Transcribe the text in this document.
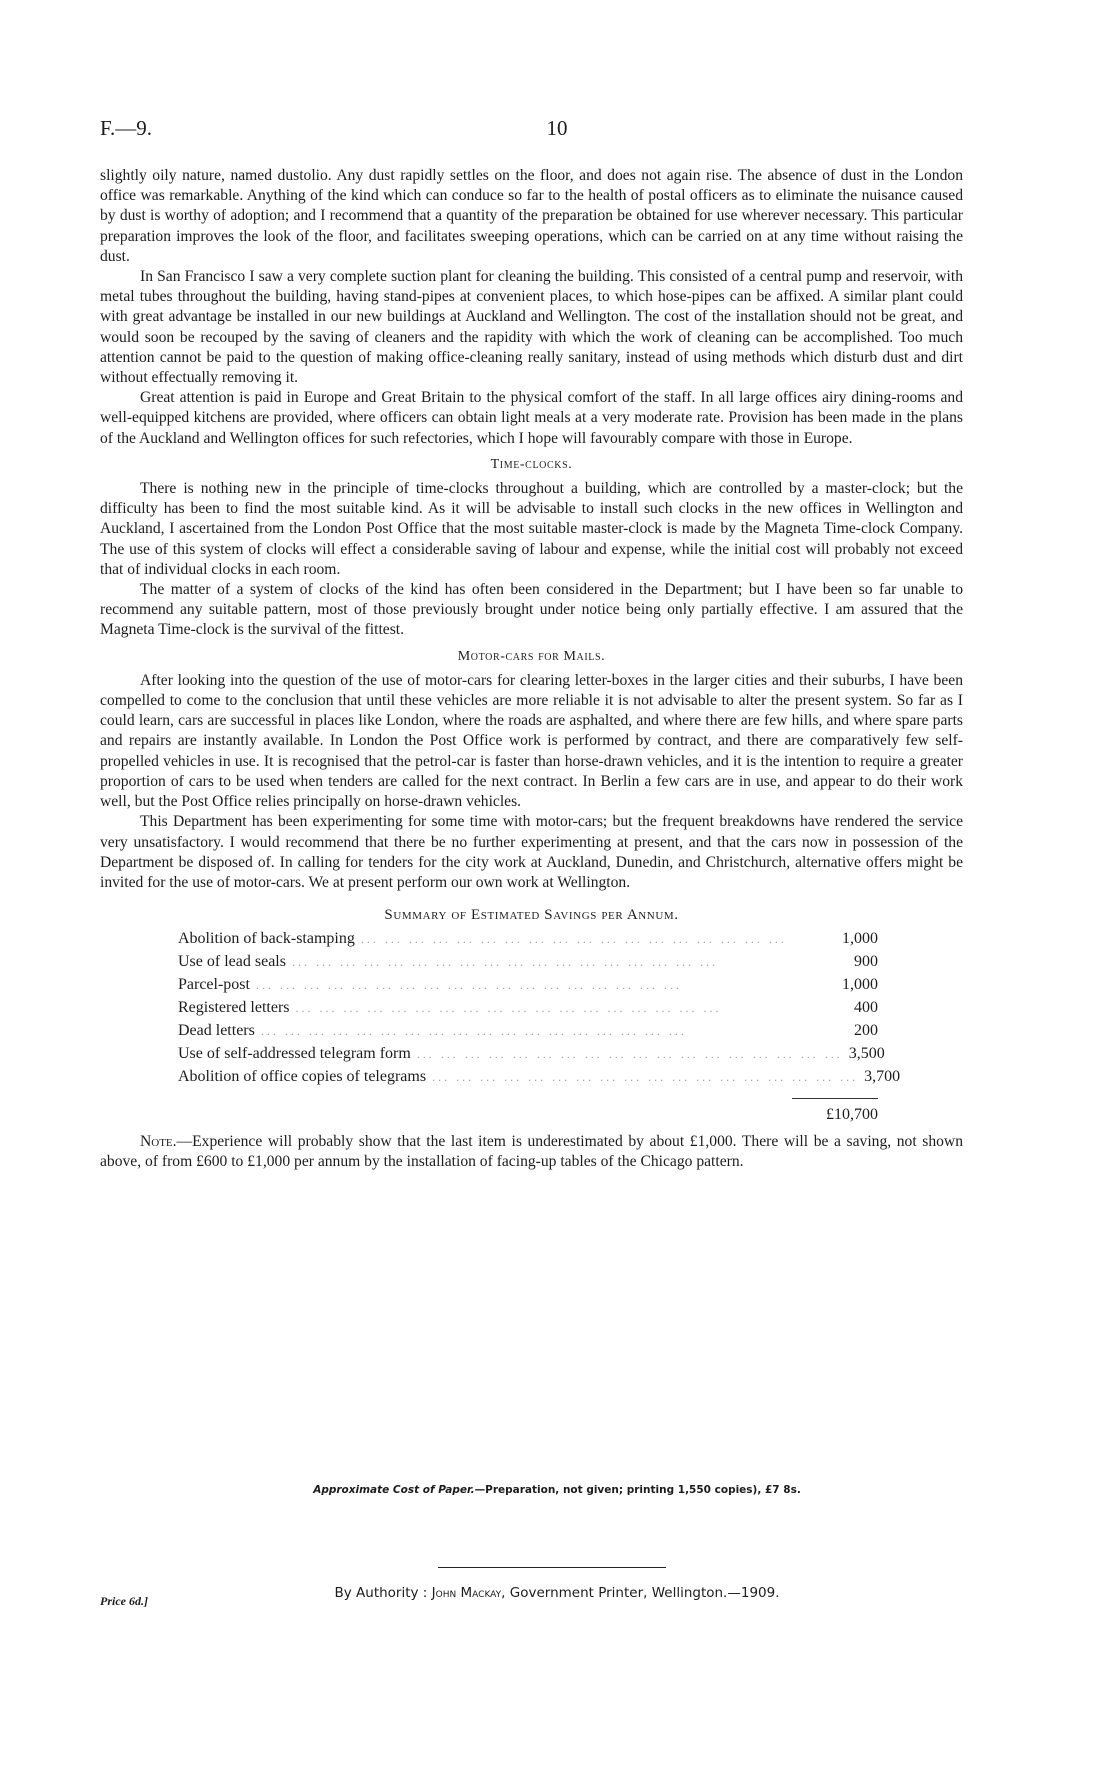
F.—9.	10

slightly oily nature, named dustolio. Any dust rapidly settles on the floor, and does not again rise. The absence of dust in the London office was remarkable. Anything of the kind which can conduce so far to the health of postal officers as to eliminate the nuisance caused by dust is worthy of adoption; and I recommend that a quantity of the preparation be obtained for use wherever necessary. This particular preparation improves the look of the floor, and facilitates sweeping operations, which can be carried on at any time without raising the dust.

In San Francisco I saw a very complete suction plant for cleaning the building. This consisted of a central pump and reservoir, with metal tubes throughout the building, having stand-pipes at convenient places, to which hose-pipes can be affixed. A similar plant could with great advantage be installed in our new buildings at Auckland and Wellington. The cost of the installation should not be great, and would soon be recouped by the saving of cleaners and the rapidity with which the work of cleaning can be accomplished. Too much attention cannot be paid to the question of making office-cleaning really sanitary, instead of using methods which disturb dust and dirt without effectually removing it.

Great attention is paid in Europe and Great Britain to the physical comfort of the staff. In all large offices airy dining-rooms and well-equipped kitchens are provided, where officers can obtain light meals at a very moderate rate. Provision has been made in the plans of the Auckland and Wellington offices for such refectories, which I hope will favourably compare with those in Europe.

Time-clocks.

There is nothing new in the principle of time-clocks throughout a building, which are controlled by a master-clock; but the difficulty has been to find the most suitable kind. As it will be advisable to install such clocks in the new offices in Wellington and Auckland, I ascertained from the London Post Office that the most suitable master-clock is made by the Magneta Time-clock Company. The use of this system of clocks will effect a considerable saving of labour and expense, while the initial cost will probably not exceed that of individual clocks in each room.

The matter of a system of clocks of the kind has often been considered in the Department; but I have been so far unable to recommend any suitable pattern, most of those previously brought under notice being only partially effective. I am assured that the Magneta Time-clock is the survival of the fittest.

Motor-cars for Mails.

After looking into the question of the use of motor-cars for clearing letter-boxes in the larger cities and their suburbs, I have been compelled to come to the conclusion that until these vehicles are more reliable it is not advisable to alter the present system. So far as I could learn, cars are successful in places like London, where the roads are asphalted, and where there are few hills, and where spare parts and repairs are instantly available. In London the Post Office work is performed by contract, and there are comparatively few self-propelled vehicles in use. It is recognised that the petrol-car is faster than horse-drawn vehicles, and it is the intention to require a greater proportion of cars to be used when tenders are called for the next contract. In Berlin a few cars are in use, and appear to do their work well, but the Post Office relies principally on horse-drawn vehicles.

This Department has been experimenting for some time with motor-cars; but the frequent breakdowns have rendered the service very unsatisfactory. I would recommend that there be no further experimenting at present, and that the cars now in possession of the Department be disposed of. In calling for tenders for the city work at Auckland, Dunedin, and Christchurch, alternative offers might be invited for the use of motor-cars. We at present perform our own work at Wellington.

Summary of Estimated Savings per Annum.
Abolition of back-stamping ... ... ... ... ... ... ... ... ... ... ... ... ... ... ... ... ... ...	1,000
Use of lead seals ... ... ... ... ... ... ... ... ... ... ... ... ... ... ... ... ... ...	900
Parcel-post ... ... ... ... ... ... ... ... ... ... ... ... ... ... ... ... ... ...	1,000
Registered letters ... ... ... ... ... ... ... ... ... ... ... ... ... ... ... ... ... ...	400
Dead letters ... ... ... ... ... ... ... ... ... ... ... ... ... ... ... ... ... ...	200
Use of self-addressed telegram form ... ... ... ... ... ... ... ... ... ... ... ... ... ... ... ... ... ... 3,500
Abolition of office copies of telegrams ... ... ... ... ... ... ... ... ... ... ... ... ... ... ... ... ... ... 3,700
£10,700

Note.—Experience will probably show that the last item is underestimated by about £1,000. There will be a saving, not shown above, of from £600 to £1,000 per annum by the installation of facing-up tables of the Chicago pattern.

Approximate Cost of Paper.—Preparation, not given; printing 1,550 copies), £7 8s.
By Authority : John Mackay, Government Printer, Wellington.—1909.
Price 6d.]
